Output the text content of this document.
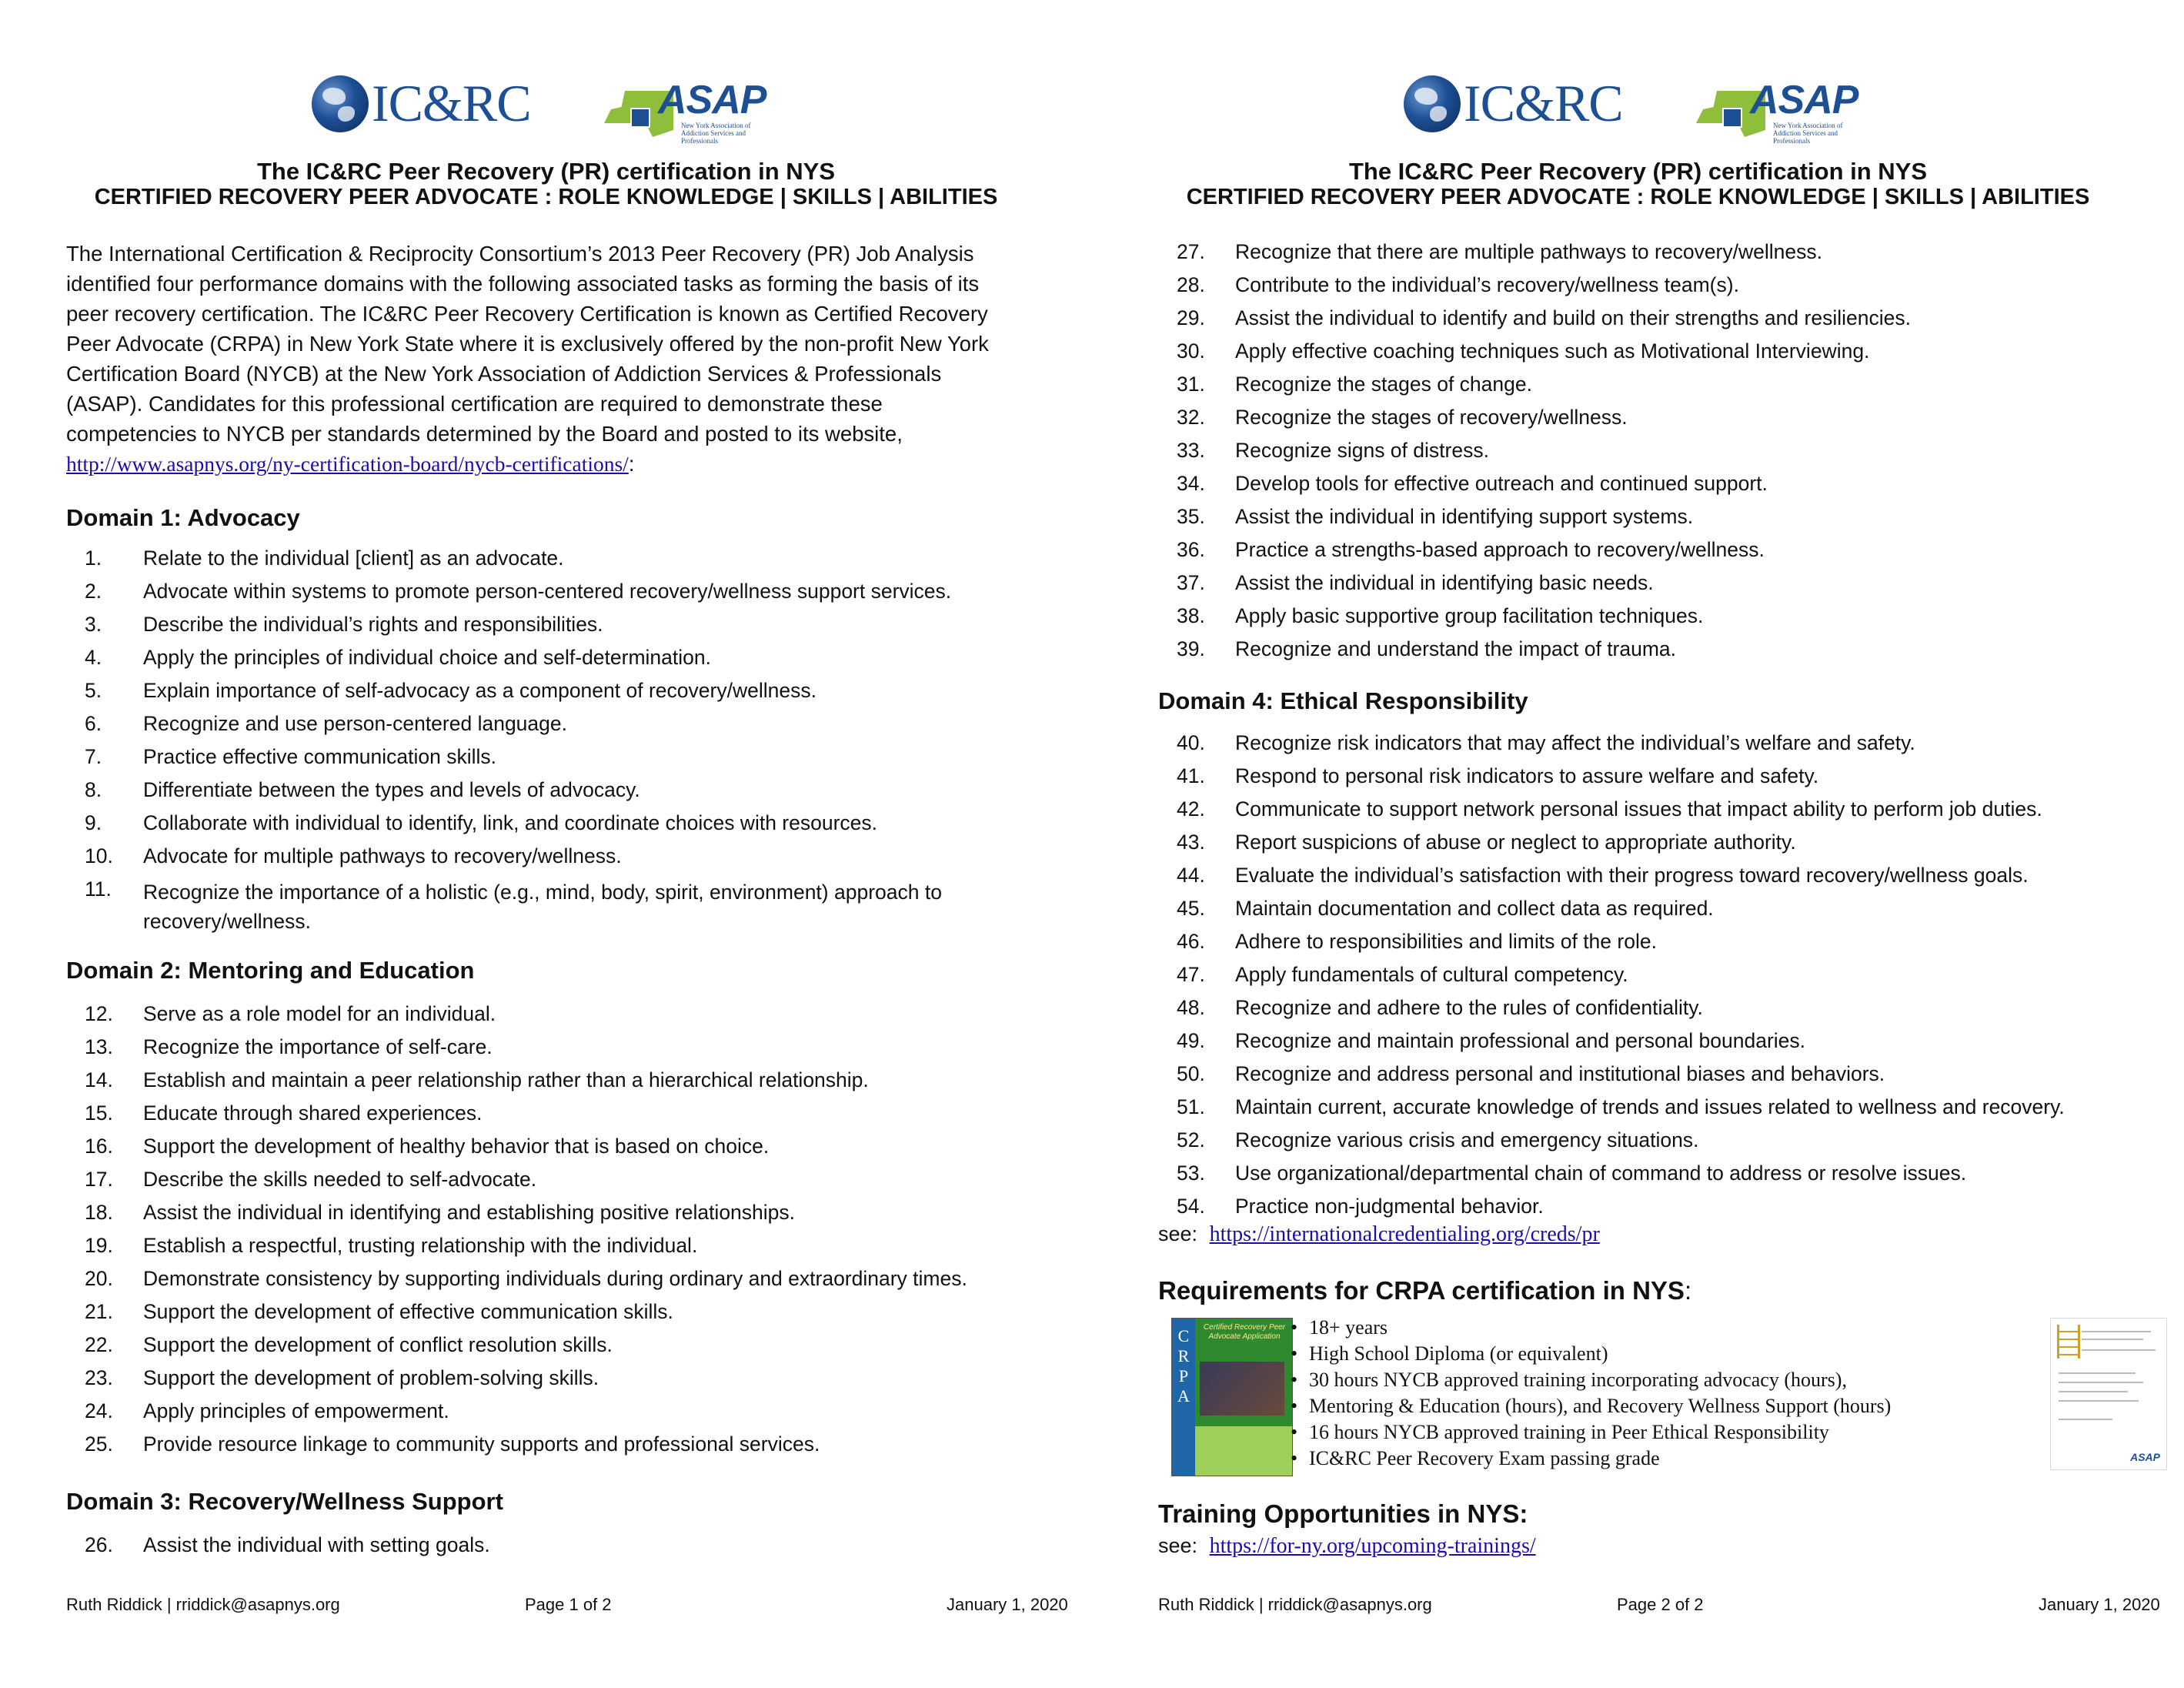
IC&RC	ASAP
New York Association of Addiction Services and Professionals
The IC&RC Peer Recovery (PR) certification in NYS
CERTIFIED RECOVERY PEER ADVOCATE : ROLE KNOWLEDGE | SKILLS | ABILITIES
The International Certification & Reciprocity Consortium’s 2013 Peer Recovery (PR) Job Analysis
identified four performance domains with the following associated tasks as forming the basis of its
peer recovery certification. The IC&RC Peer Recovery Certification is known as Certified Recovery
Peer Advocate (CRPA) in New York State where it is exclusively offered by the non-profit New York
Certification Board (NYCB) at the New York Association of Addiction Services & Professionals
(ASAP). Candidates for this professional certification are required to demonstrate these
competencies to NYCB per standards determined by the Board and posted to its website,
http://www.asapnys.org/ny-certification-board/nycb-certifications/:
Domain 1: Advocacy
1.	Relate to the individual [client] as an advocate.
2.	Advocate within systems to promote person-centered recovery/wellness support services.
3.	Describe the individual’s rights and responsibilities.
4.	Apply the principles of individual choice and self-determination.
5.	Explain importance of self-advocacy as a component of recovery/wellness.
6.	Recognize and use person-centered language.
7.	Practice effective communication skills.
8.	Differentiate between the types and levels of advocacy.
9.	Collaborate with individual to identify, link, and coordinate choices with resources.
10.	Advocate for multiple pathways to recovery/wellness.
11.	Recognize the importance of a holistic (e.g., mind, body, spirit, environment) approach to recovery/wellness.
12.	Serve as a role model for an individual.
13.	Recognize the importance of self-care.
14.	Establish and maintain a peer relationship rather than a hierarchical relationship.
15.	Educate through shared experiences.
16.	Support the development of healthy behavior that is based on choice.
17.	Describe the skills needed to self-advocate.
18.	Assist the individual in identifying and establishing positive relationships.
19.	Establish a respectful, trusting relationship with the individual.
20.	Demonstrate consistency by supporting individuals during ordinary and extraordinary times.
21.	Support the development of effective communication skills.
22.	Support the development of conflict resolution skills.
23.	Support the development of problem-solving skills.
24.	Apply principles of empowerment.
25.	Provide resource linkage to community supports and professional services.
26.	Assist the individual with setting goals.
Domain 2: Mentoring and Education
Domain 3: Recovery/Wellness Support
Ruth Riddick | rriddick@asapnys.org	Page 1 of 2	January 1, 2020
IC&RC	ASAP
New York Association of Addiction Services and Professionals
The IC&RC Peer Recovery (PR) certification in NYS
CERTIFIED RECOVERY PEER ADVOCATE : ROLE KNOWLEDGE | SKILLS | ABILITIES
27.	Recognize that there are multiple pathways to recovery/wellness.
28.	Contribute to the individual’s recovery/wellness team(s).
29.	Assist the individual to identify and build on their strengths and resiliencies.
30.	Apply effective coaching techniques such as Motivational Interviewing.
31.	Recognize the stages of change.
32.	Recognize the stages of recovery/wellness.
33.	Recognize signs of distress.
34.	Develop tools for effective outreach and continued support.
35.	Assist the individual in identifying support systems.
36.	Practice a strengths-based approach to recovery/wellness.
37.	Assist the individual in identifying basic needs.
38.	Apply basic supportive group facilitation techniques.
39.	Recognize and understand the impact of trauma.
40.	Recognize risk indicators that may affect the individual’s welfare and safety.
41.	Respond to personal risk indicators to assure welfare and safety.
42.	Communicate to support network personal issues that impact ability to perform job duties.
43.	Report suspicions of abuse or neglect to appropriate authority.
44.	Evaluate the individual’s satisfaction with their progress toward recovery/wellness goals.
45.	Maintain documentation and collect data as required.
46.	Adhere to responsibilities and limits of the role.
47.	Apply fundamentals of cultural competency.
48.	Recognize and adhere to the rules of confidentiality.
49.	Recognize and maintain professional and personal boundaries.
50.	Recognize and address personal and institutional biases and behaviors.
51.	Maintain current, accurate knowledge of trends and issues related to wellness and recovery.
52.	Recognize various crisis and emergency situations.
53.	Use organizational/departmental chain of command to address or resolve issues.
54.	Practice non-judgmental behavior.
Domain 4: Ethical Responsibility
see: https://internationalcredentialing.org/creds/pr
Requirements for CRPA certification in NYS:
C R P A
Certified Recovery Peer Advocate Application
•	18+ years
• High School Diploma (or equivalent)
• 30 hours NYCB approved training incorporating advocacy (hours),
• Mentoring & Education (hours), and Recovery Wellness Support (hours)
• 16 hours NYCB approved training in Peer Ethical Responsibility
• IC&RC Peer Recovery Exam passing grade	ASAP
Training Opportunities in NYS:
see: https://for-ny.org/upcoming-trainings/
Ruth Riddick | rriddick@asapnys.org	Page 2 of 2	January 1, 2020
